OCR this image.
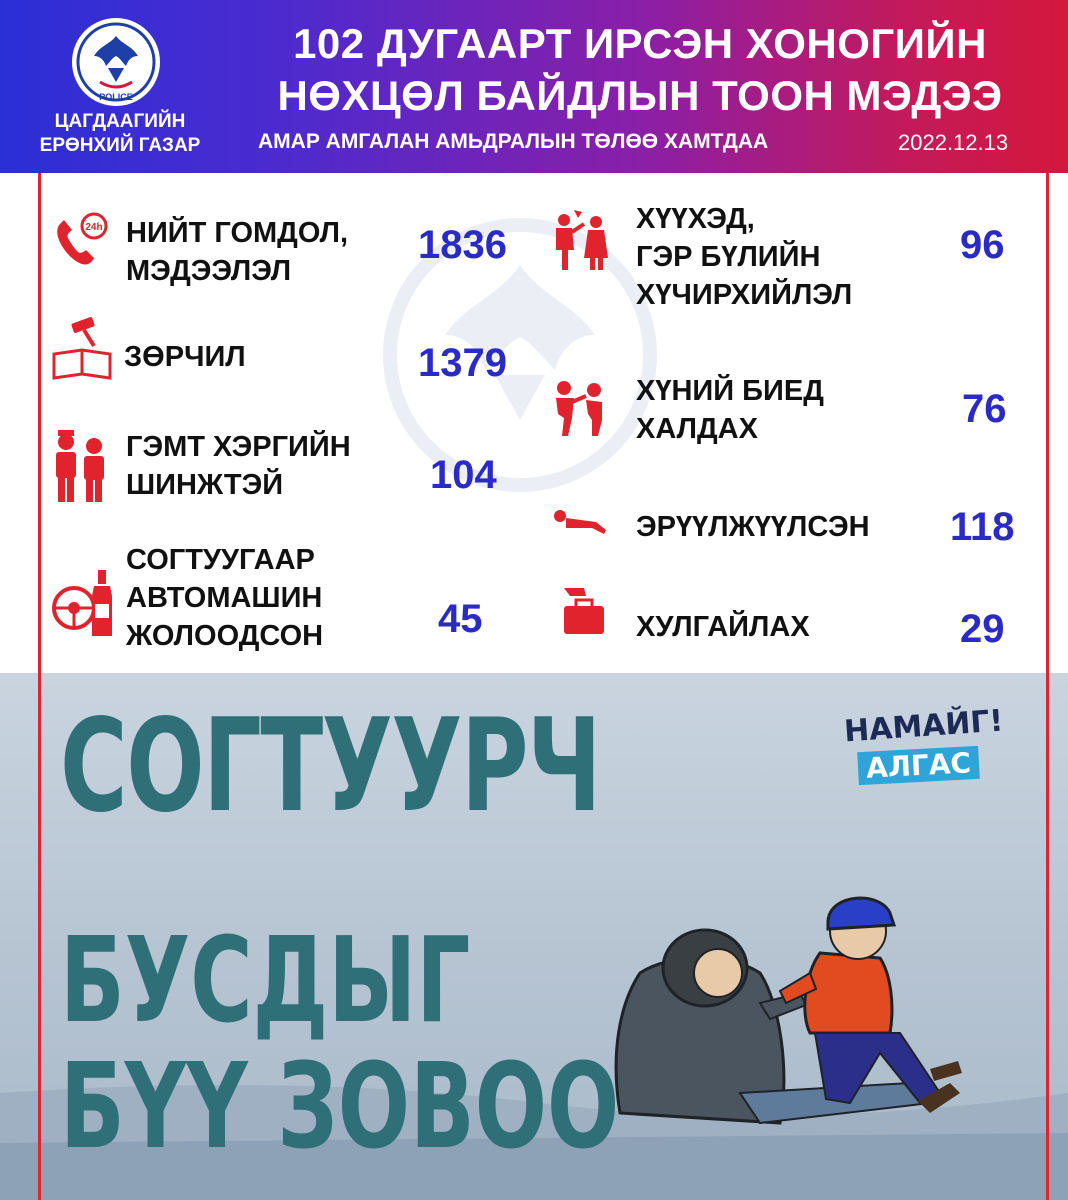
POLICE
ЦАГДААГИЙН
ЕРӨНХИЙ ГАЗАР
102 ДУГААРТ ИРСЭН ХОНОГИЙН
НӨХЦӨЛ БАЙДЛЫН ТООН МЭДЭЭ
АМАР АМГАЛАН АМЬДРАЛЫН ТӨЛӨӨ ХАМТДАА	2022.12.13
24h НИЙТ ГОМДОЛ,
МЭДЭЭЛЭЛ
1836
ЗӨРЧИЛ	1379
ГЭМТ ХЭРГИЙН
ШИНЖТЭЙ	104
СОГТУУГААР
АВТОМАШИН
ЖОЛООДСОН	45
ХҮҮХЭД,
ГЭР БҮЛИЙН
ХҮЧИРХИЙЛЭЛ
96
ХҮНИЙ БИЕД
ХАЛДАХ	76
ЭРҮҮЛЖҮҮЛСЭН 118
ХУЛГАЙЛАХ	29
СОГТУУРЧ
БУСДЫГ
БҮҮ ЗОВОО
НАМАЙГ!
АЛГАС
